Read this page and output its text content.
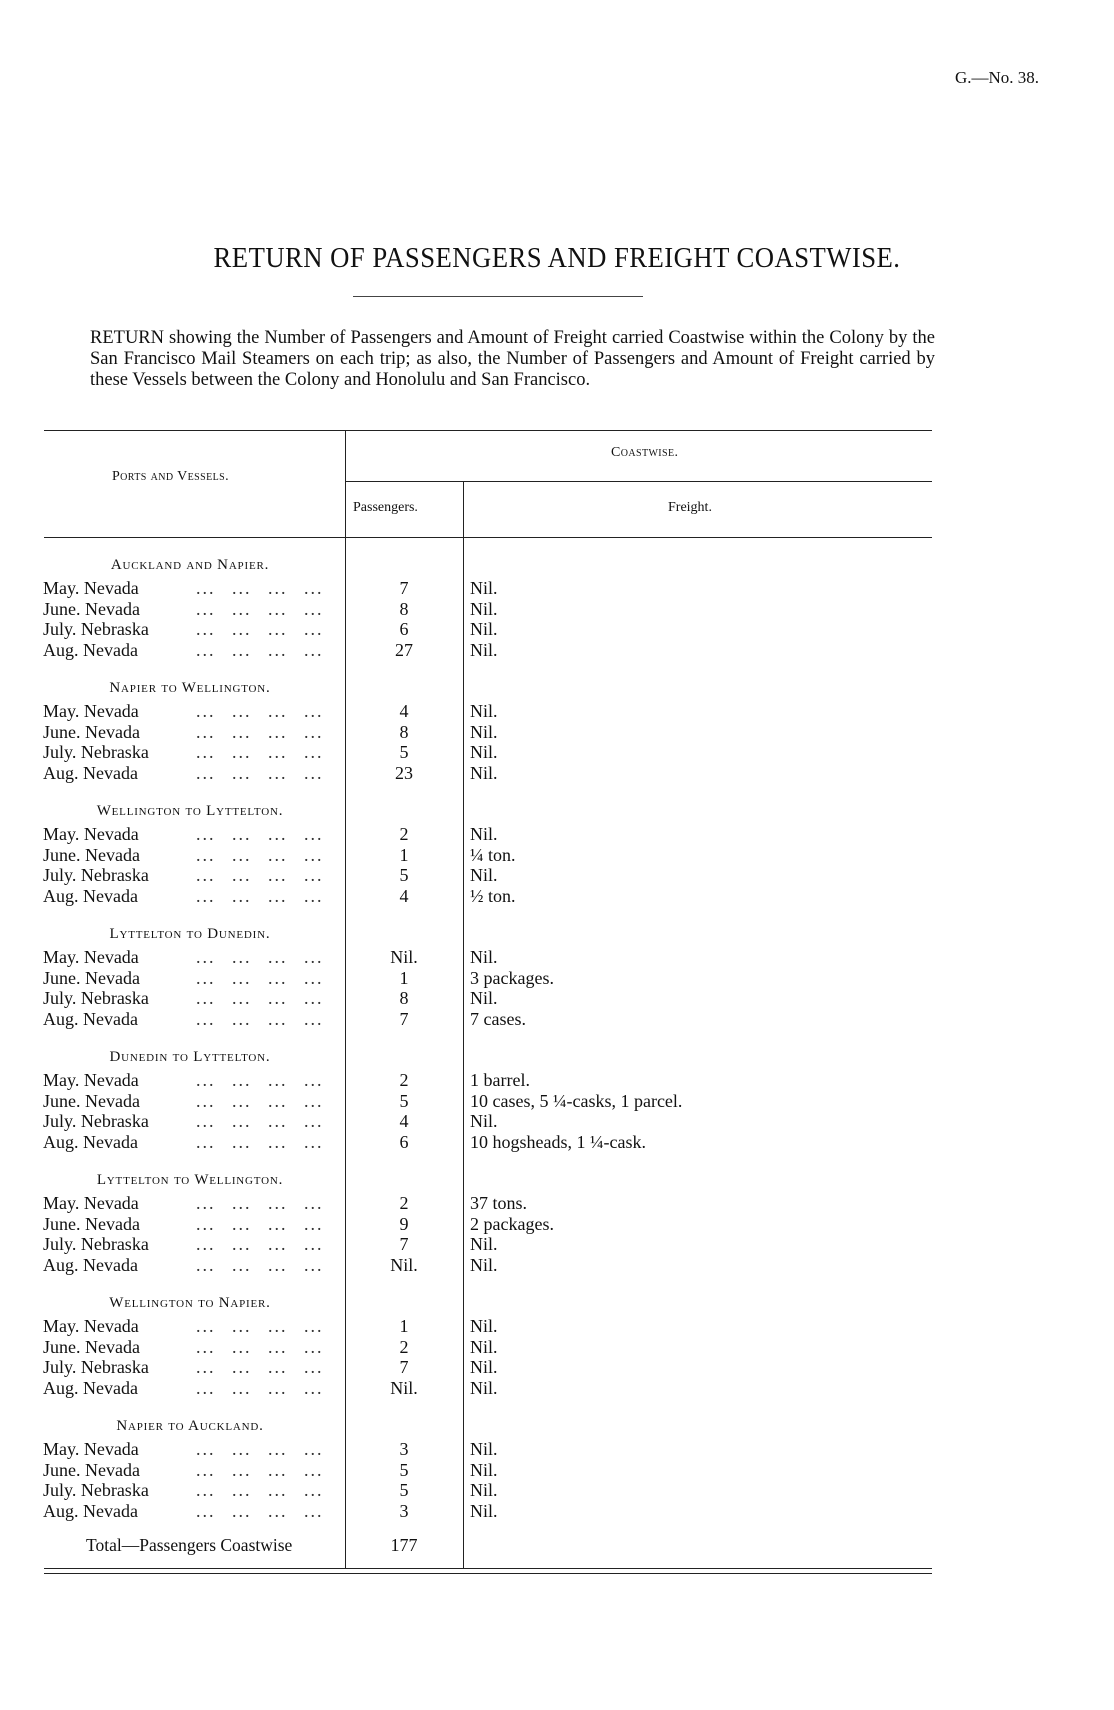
G.—No. 38.
RETURN OF PASSENGERS AND FREIGHT COASTWISE.
RETURN showing the Number of Passengers and Amount of Freight carried Coastwise within the Colony by the San Francisco Mail Steamers on each trip; as also, the Number of Passengers and Amount of Freight carried by these Vessels between the Colony and Honolulu and San Francisco.
Ports and Vessels.
Coastwise.
Passengers.	Freight.
Auckland and Napier.
... ... ... ...
May. Nevada	7	Nil.
... ... ... ...
June. Nevada	8	Nil.
... ... ... ...
July. Nebraska	6	Nil.
... ... ... ...
Aug. Nevada	27	Nil.
Napier to Wellington.
... ... ... ...
May. Nevada	4	Nil.
... ... ... ...
June. Nevada	8	Nil.
... ... ... ...
July. Nebraska	5	Nil.
... ... ... ...
Aug. Nevada	23	Nil.
Wellington to Lyttelton.
... ... ... ...
May. Nevada	2	Nil.
... ... ... ...
June. Nevada	1	¼ ton.
... ... ... ...
July. Nebraska	5	Nil.
... ... ... ...
Aug. Nevada	4	½ ton.
Lyttelton to Dunedin.
... ... ... ...
May. Nevada	Nil.	Nil.
... ... ... ...
June. Nevada	1	3 packages.
... ... ... ...
July. Nebraska	8	Nil.
... ... ... ...
Aug. Nevada	7	7 cases.
Dunedin to Lyttelton.
... ... ... ...
May. Nevada	2	1 barrel.
... ... ... ...
June. Nevada	5	10 cases, 5 ¼-casks, 1 parcel.
... ... ... ...
July. Nebraska	4	Nil.
... ... ... ...
Aug. Nevada	6	10 hogsheads, 1 ¼-cask.
Lyttelton to Wellington.
... ... ... ...
May. Nevada	2	37 tons.
... ... ... ...
June. Nevada	9	2 packages.
... ... ... ...
July. Nebraska	7	Nil.
... ... ... ...
Aug. Nevada	Nil.	Nil.
Wellington to Napier.
... ... ... ...
May. Nevada	1	Nil.
... ... ... ...
June. Nevada	2	Nil.
... ... ... ...
July. Nebraska	7	Nil.
... ... ... ...
Aug. Nevada	Nil.	Nil.
Napier to Auckland.
... ... ... ...
May. Nevada	3	Nil.
... ... ... ...
June. Nevada	5	Nil.
... ... ... ...
July. Nebraska	5	Nil.
... ... ... ...
Aug. Nevada	3	Nil.
Total—Passengers Coastwise	177
